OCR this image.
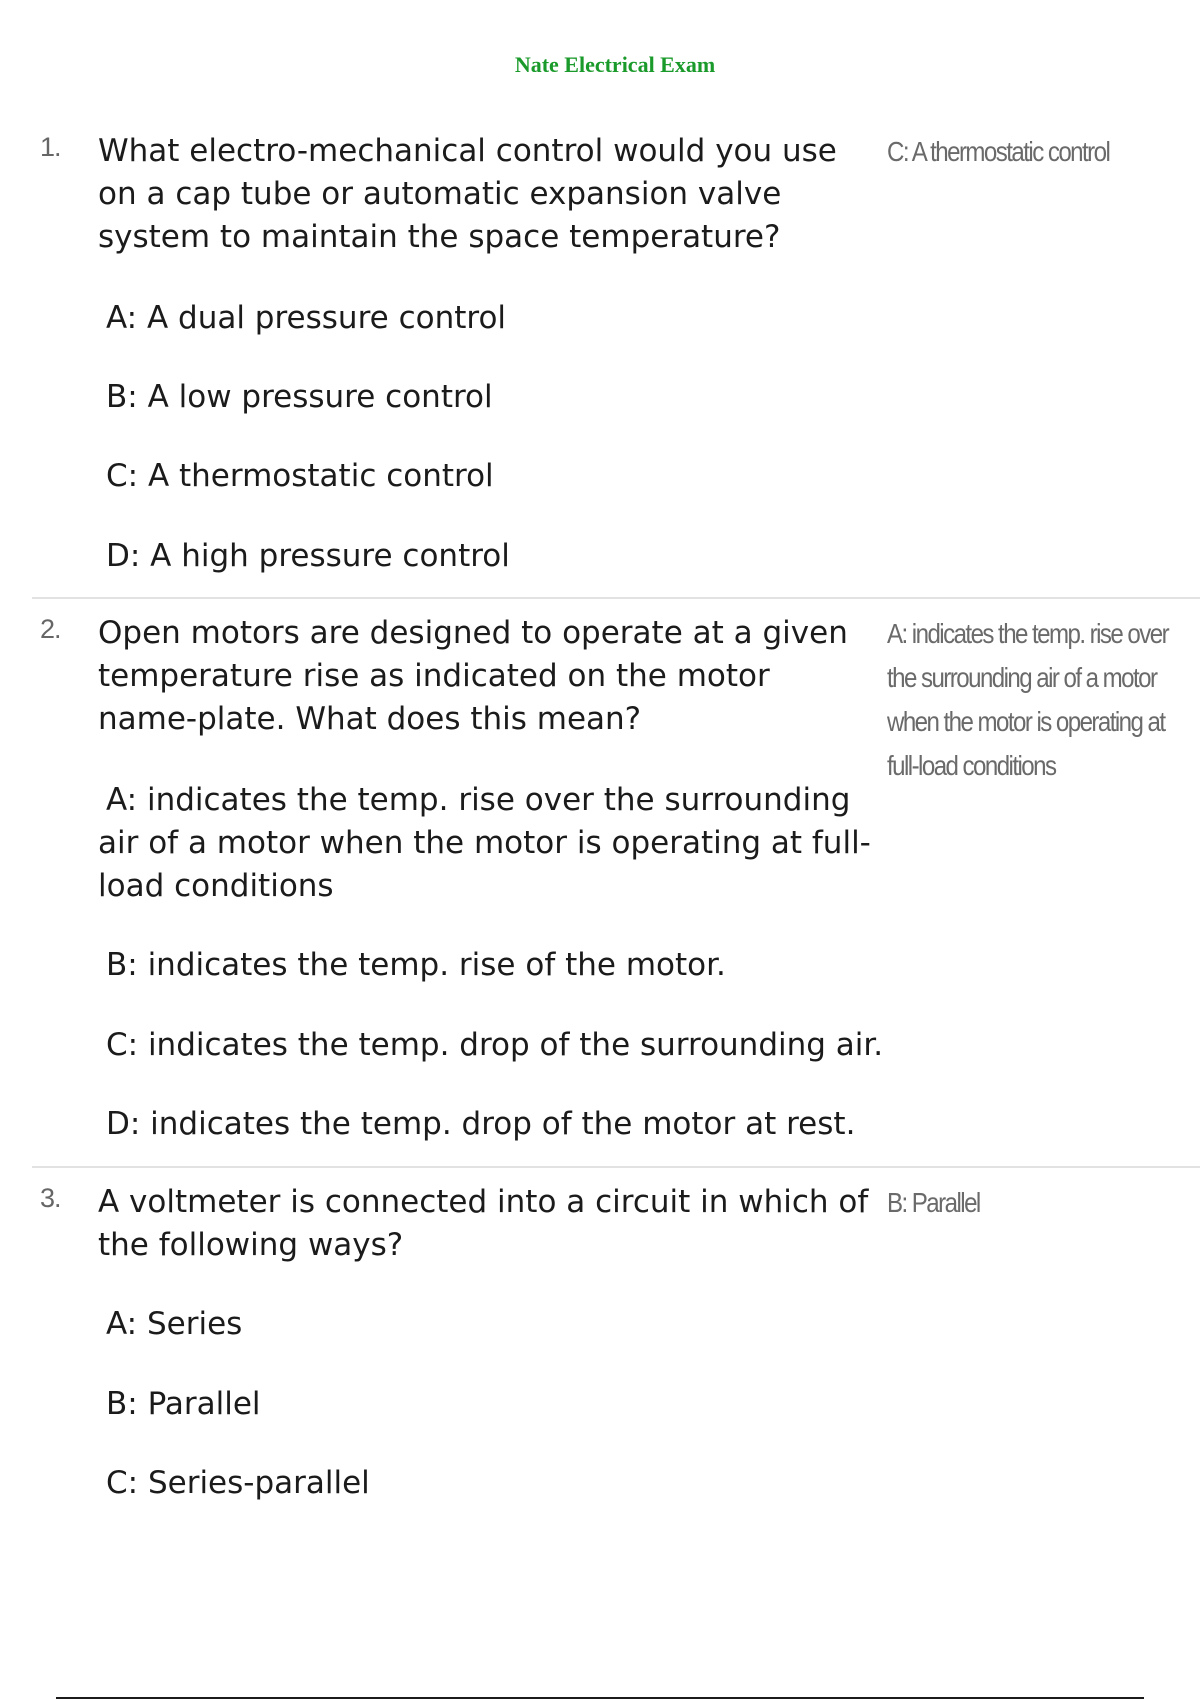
Nate Electrical Exam
1. What electro-mechanical control would you use on a cap tube or automatic expansion valve system to maintain the space temperature?
C: A thermostatic control
A: A dual pressure control
B: A low pressure control
C: A thermostatic control
D: A high pressure control
2. Open motors are designed to operate at a given temperature rise as indicated on the motor name-plate. What does this mean?
A: indicates the temp. rise over the surrounding air of a motor when the motor is operating at full-load conditions
A: indicates the temp. rise over the surrounding air of a motor when the motor is operating at full-load conditions
B: indicates the temp. rise of the motor.
C: indicates the temp. drop of the surrounding air.
D: indicates the temp. drop of the motor at rest.
3. A voltmeter is connected into a circuit in which of the following ways?
B: Parallel
A: Series
B: Parallel
C: Series-parallel
